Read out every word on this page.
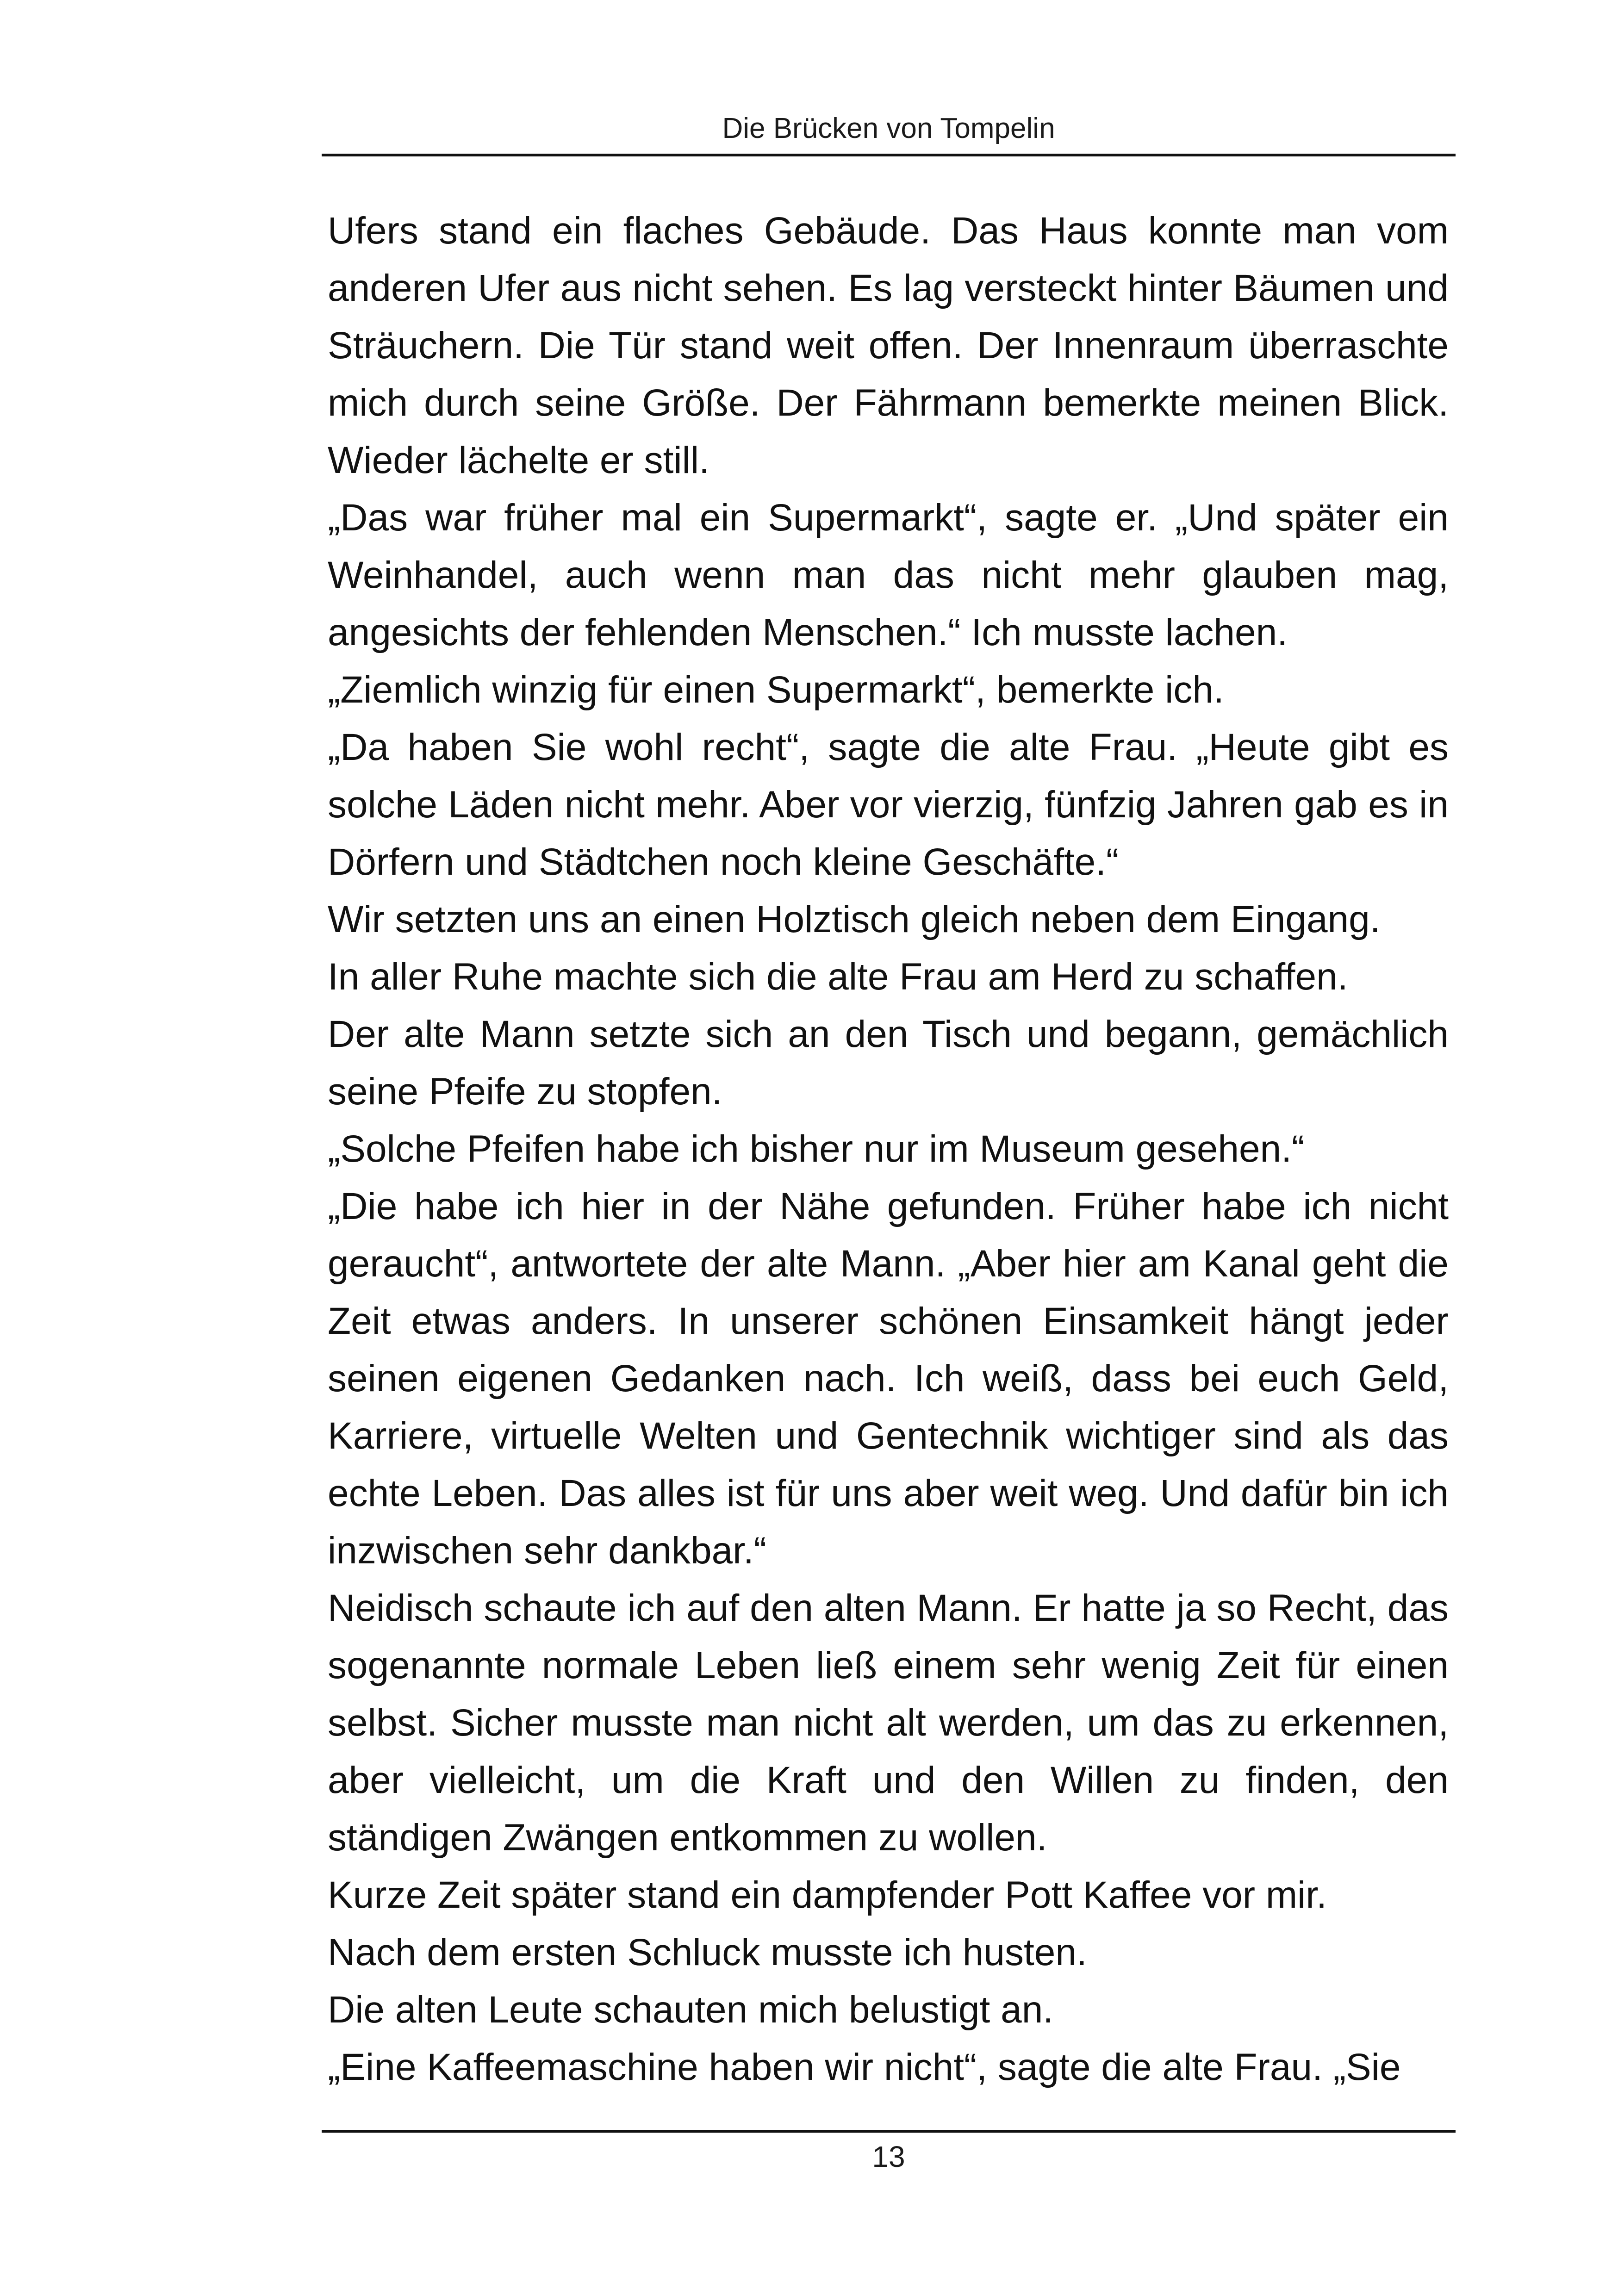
Die Brücken von Tompelin

Ufers stand ein flaches Gebäude. Das Haus konnte man vom anderen Ufer aus nicht sehen. Es lag versteckt hinter Bäumen und Sträuchern. Die Tür stand weit offen. Der Innenraum überraschte mich durch seine Größe. Der Fährmann bemerkte meinen Blick. Wieder lächelte er still.

„Das war früher mal ein Supermarkt“, sagte er. „Und später ein Weinhandel, auch wenn man das nicht mehr glauben mag, angesichts der fehlenden Menschen.“ Ich musste lachen.

„Ziemlich winzig für einen Supermarkt“, bemerkte ich.

„Da haben Sie wohl recht“, sagte die alte Frau. „Heute gibt es solche Läden nicht mehr. Aber vor vierzig, fünfzig Jahren gab es in Dörfern und Städtchen noch kleine Geschäfte.“

Wir setzten uns an einen Holztisch gleich neben dem Eingang.

In aller Ruhe machte sich die alte Frau am Herd zu schaffen.

Der alte Mann setzte sich an den Tisch und begann, gemächlich seine Pfeife zu stopfen.

„Solche Pfeifen habe ich bisher nur im Museum gesehen.“

„Die habe ich hier in der Nähe gefunden. Früher habe ich nicht geraucht“, antwortete der alte Mann. „Aber hier am Kanal geht die Zeit etwas anders. In unserer schönen Einsamkeit hängt jeder seinen eigenen Gedanken nach. Ich weiß, dass bei euch Geld, Karriere, virtuelle Welten und Gentechnik wichtiger sind als das echte Leben. Das alles ist für uns aber weit weg. Und dafür bin ich inzwischen sehr dankbar.“

Neidisch schaute ich auf den alten Mann. Er hatte ja so Recht, das sogenannte normale Leben ließ einem sehr wenig Zeit für einen selbst. Sicher musste man nicht alt werden, um das zu erkennen, aber vielleicht, um die Kraft und den Willen zu finden, den ständigen Zwängen entkommen zu wollen.

Kurze Zeit später stand ein dampfender Pott Kaffee vor mir.

Nach dem ersten Schluck musste ich husten.

Die alten Leute schauten mich belustigt an.

„Eine Kaffeemaschine haben wir nicht“, sagte die alte Frau. „Sie

13
